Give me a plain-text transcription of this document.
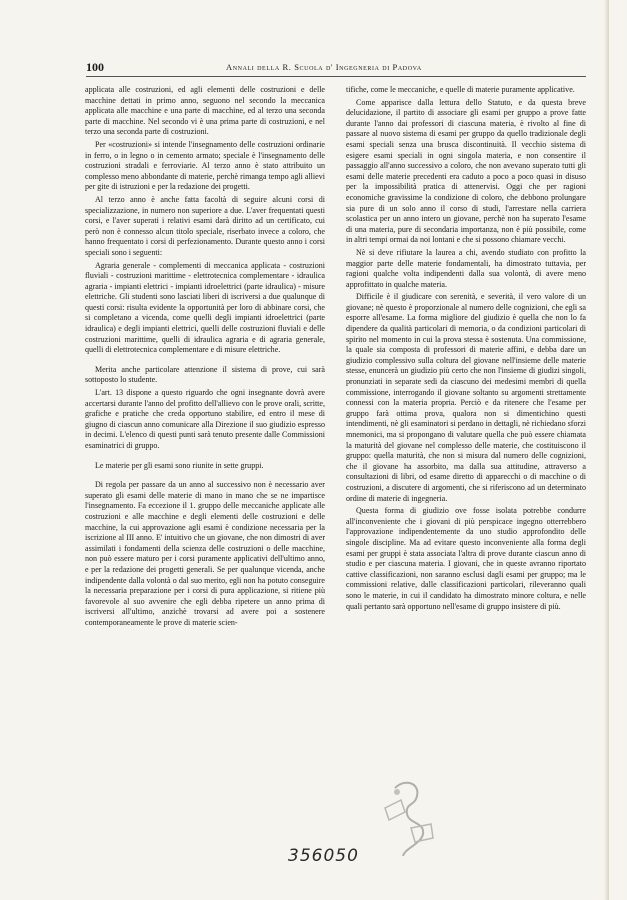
100	Annali della R. Scuola d' Ingegneria di Padova

applicata alle costruzioni, ed agli elementi delle costruzioni e delle macchine dettati in primo anno, seguono nel secondo la meccanica applicata alle macchine e una parte di macchine, ed al terzo una seconda parte di macchine. Nel secondo vi è una prima parte di costruzioni, e nel terzo una seconda parte di costruzioni.

Per «costruzioni» si intende l'insegnamento delle costruzioni ordinarie in ferro, o in legno o in cemento armato; speciale è l'insegnamento delle costruzioni stradali e ferroviarie. Al terzo anno è stato attribuito un complesso meno abbondante di materie, perchè rimanga tempo agli allievi per gite di istruzioni e per la redazione dei progetti.

Al terzo anno è anche fatta facoltà di seguire alcuni corsi di specializzazione, in numero non superiore a due. L'aver frequentati questi corsi, e l'aver superati i relativi esami darà diritto ad un certificato, cui però non è connesso alcun titolo speciale, riserbato invece a coloro, che hanno frequentato i corsi di perfezionamento. Durante questo anno i corsi speciali sono i seguenti:

Agraria generale - complementi di meccanica applicata - costruzioni fluviali - costruzioni marittime - elettrotecnica complementare - idraulica agraria - impianti elettrici - impianti idroelettrici (parte idraulica) - misure elettriche. Gli studenti sono lasciati liberi di iscriversi a due qualunque di questi corsi: risulta evidente la opportunità per loro di abbinare corsi, che si completano a vicenda, come quelli degli impianti idroelettrici (parte idraulica) e degli impianti elettrici, quelli delle costruzioni fluviali e delle costruzioni marittime, quelli di idraulica agraria e di agraria generale, quelli di elettrotecnica complementare e di misure elettriche.

Merita anche particolare attenzione il sistema di prove, cui sarà sottoposto lo studente.

L'art. 13 dispone a questo riguardo che ogni insegnante dovrà avere accertarsi durante l'anno del profitto dell'allievo con le prove orali, scritte, grafiche e pratiche che creda opportuno stabilire, ed entro il mese di giugno di ciascun anno comunicare alla Direzione il suo giudizio espresso in decimi. L'elenco di questi punti sarà tenuto presente dalle Commissioni esaminatrici di gruppo.

Le materie per gli esami sono riunite in sette gruppi.

Di regola per passare da un anno al successivo non è necessario aver superato gli esami delle materie di mano in mano che se ne impartisce l'insegnamento. Fa eccezione il 1. gruppo delle meccaniche applicate alle costruzioni e alle macchine e degli elementi delle costruzioni e delle macchine, la cui approvazione agli esami è condizione necessaria per la iscrizione al III anno. E' intuitivo che un giovane, che non dimostri di aver assimilati i fondamenti della scienza delle costruzioni o delle macchine, non può essere maturo per i corsi puramente applicativi dell'ultimo anno, e per la redazione dei progetti generali. Se per qualunque vicenda, anche indipendente dalla volontà o dal suo merito, egli non ha potuto conseguire la necessaria preparazione per i corsi di pura applicazione, si ritiene più favorevole al suo avvenire che egli debba ripetere un anno prima di iscriversi all'ultimo, anzichè trovarsi ad avere poi a sostenere contemporaneamente le prove di materie scien-

tifiche, come le meccaniche, e quelle di materie puramente applicative.

Come apparisce dalla lettura dello Statuto, e da questa breve delucidazione, il partito di associare gli esami per gruppo a prove fatte durante l'anno dai professori di ciascuna materia, è rivolto al fine di passare al nuovo sistema di esami per gruppo da quello tradizionale degli esami speciali senza una brusca discontinuità. Il vecchio sistema di esigere esami speciali in ogni singola materia, e non consentire il passaggio all'anno successivo a coloro, che non avevano superato tutti gli esami delle materie precedenti era caduto a poco a poco quasi in disuso per la impossibilità pratica di attenervisi. Oggi che per ragioni economiche gravissime la condizione di coloro, che debbono prolungare sia pure di un solo anno il corso di studi, l'arrestare nella carriera scolastica per un anno intero un giovane, perchè non ha superato l'esame di una materia, pure di secondaria importanza, non è più possibile, come in altri tempi ormai da noi lontani e che si possono chiamare vecchi.

Nè si deve rifiutare la laurea a chi, avendo studiato con profitto la maggior parte delle materie fondamentali, ha dimostrato tuttavia, per ragioni qualche volta indipendenti dalla sua volontà, di avere meno approfittato in qualche materia.

Difficile è il giudicare con serenità, e severità, il vero valore di un giovane; nè questo è proporzionale al numero delle cognizioni, che egli sa esporre all'esame. La forma migliore del giudizio è quella che non lo fa dipendere da qualità particolari di memoria, o da condizioni particolari di spirito nel momento in cui la prova stessa è sostenuta. Una commissione, la quale sia composta di professori di materie affini, e debba dare un giudizio complessivo sulla coltura del giovane nell'insieme delle materie stesse, enuncerà un giudizio più certo che non l'insieme di giudizi singoli, pronunziati in separate sedi da ciascuno dei medesimi membri di quella commissione, interrogando il giovane soltanto su argomenti strettamente connessi con la materia propria. Perciò e da ritenere che l'esame per gruppo farà ottima prova, qualora non si dimentichino questi intendimenti, nè gli esaminatori si perdano in dettagli, nè richiedano sforzi mnemonici, ma si propongano di valutare quella che può essere chiamata la maturità del giovane nel complesso delle materie, che costituiscono il gruppo: quella maturità, che non si misura dal numero delle cognizioni, che il giovane ha assorbito, ma dalla sua attitudine, attraverso a consultazioni di libri, od esame diretto di apparecchi o di macchine o di costruzioni, a discutere di argomenti, che si riferiscono ad un determinato ordine di materie di ingegneria.

Questa forma di giudizio ove fosse isolata potrebbe condurre all'inconveniente che i giovani di più perspicace ingegno otterrebbero l'approvazione indipendentemente da uno studio approfondito delle singole discipline. Ma ad evitare questo inconveniente alla forma degli esami per gruppi è stata associata l'altra di prove durante ciascun anno di studio e per ciascuna materia. I giovani, che in queste avranno riportato cattive classificazioni, non saranno esclusi dagli esami per gruppo; ma le commissioni relative, dalle classificazioni particolari, rileveranno quali sono le materie, in cui il candidato ha dimostrato minore coltura, e nelle quali pertanto sarà opportuno nell'esame di gruppo insistere di più.

356050
